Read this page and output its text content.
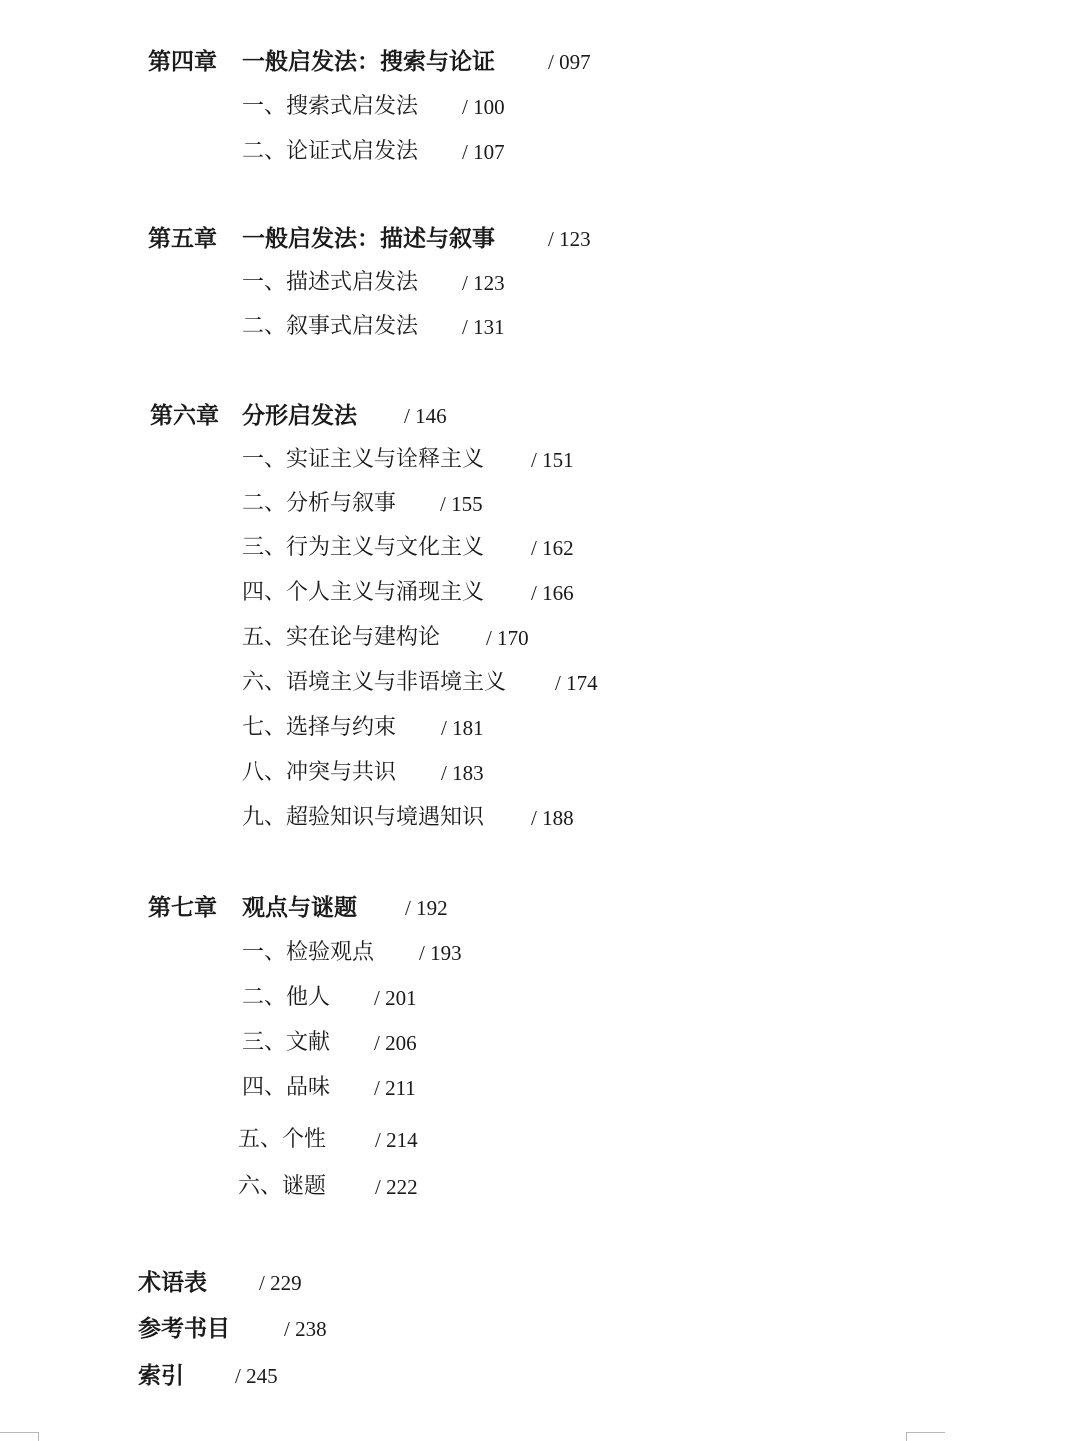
第四章 一般启发法：搜索与论证	/ 097
一、搜索式启发法 / 100
二、论证式启发法 / 107
第五章 一般启发法：描述与叙事	/ 123
一、描述式启发法 / 123
二、叙事式启发法 / 131
第六章 分形启发法 / 146
一、实证主义与诠释主义 / 151
二、分析与叙事 / 155
三、行为主义与文化主义 / 162
四、个人主义与涌现主义 / 166
五、实在论与建构论 / 170
六、语境主义与非语境主义 / 174
七、选择与约束 / 181
八、冲突与共识 / 183
九、超验知识与境遇知识 / 188
第七章 观点与谜题 / 192
一、检验观点 / 193
二、他人 / 201
三、文献 / 206
四、品味 / 211
五、个性 / 214
六、谜题 / 222
术语表 / 229
参考书目	/ 238
索引 / 245
